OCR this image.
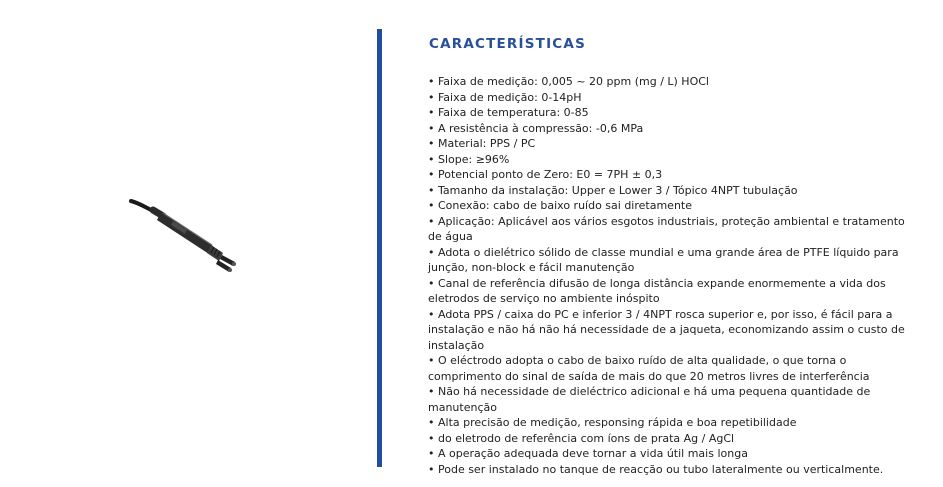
CARACTERÍSTICAS
• Faixa de medição: 0,005 ~ 20 ppm (mg / L) HOCl
• Faixa de medição: 0-14pH
• Faixa de temperatura: 0-85
• A resistência à compressão: -0,6 MPa
• Material: PPS / PC
• Slope: ≥96%
• Potencial ponto de Zero: E0 = 7PH ± 0,3
• Tamanho da instalação: Upper e Lower 3 / Tópico 4NPT tubulação
• Conexão: cabo de baixo ruído sai diretamente
• Aplicação: Aplicável aos vários esgotos industriais, proteção ambiental e tratamento de água
• Adota o dielétrico sólido de classe mundial e uma grande área de PTFE líquido para junção, non-block e fácil manutenção
• Canal de referência difusão de longa distância expande enormemente a vida dos eletrodos de serviço no ambiente inóspito
• Adota PPS / caixa do PC e inferior 3 / 4NPT rosca superior e, por isso, é fácil para a instalação e não há não há necessidade de a jaqueta, economizando assim o custo de instalação
• O eléctrodo adopta o cabo de baixo ruído de alta qualidade, o que torna o comprimento do sinal de saída de mais do que 20 metros livres de interferência
• Não há necessidade de dieléctrico adicional e há uma pequena quantidade de manutenção
• Alta precisão de medição, responsing rápida e boa repetibilidade
• do eletrodo de referência com íons de prata Ag / AgCl
• A operação adequada deve tornar a vida útil mais longa
• Pode ser instalado no tanque de reacção ou tubo lateralmente ou verticalmente.
